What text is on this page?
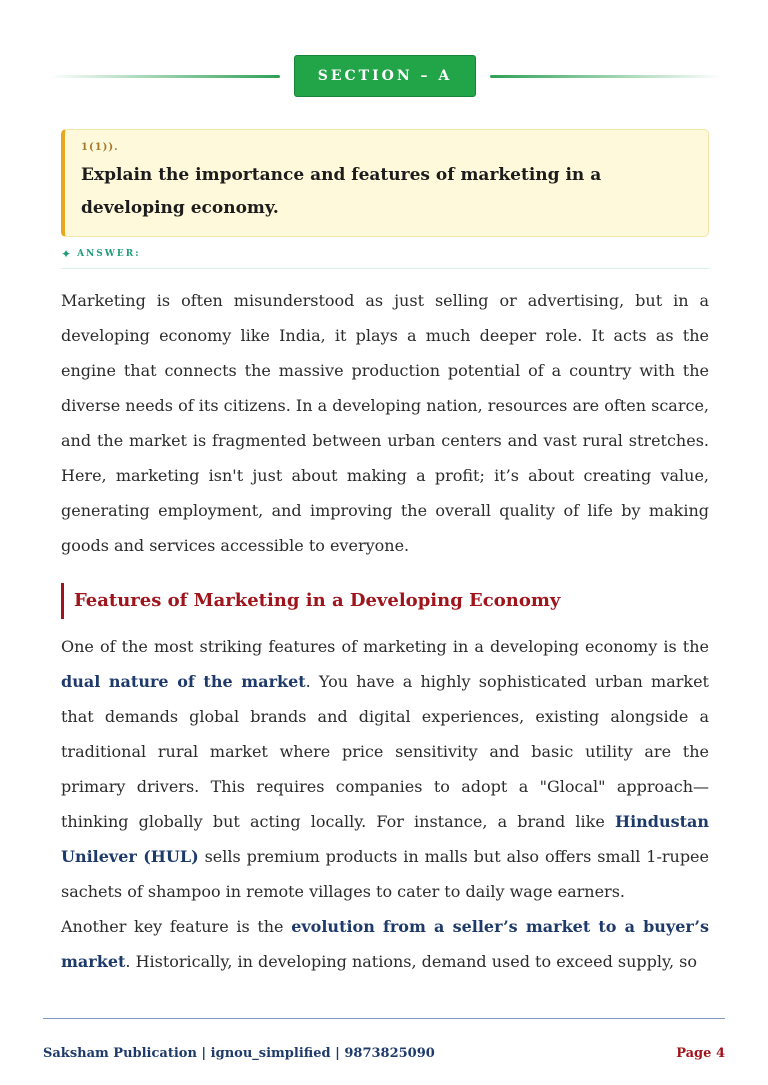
SECTION – A
1(1)).
Explain the importance and features of marketing in a developing economy.
✦ ANSWER:

Marketing is often misunderstood as just selling or advertising, but in a developing economy like India, it plays a much deeper role. It acts as the engine that connects the massive production potential of a country with the diverse needs of its citizens. In a developing nation, resources are often scarce, and the market is fragmented between urban centers and vast rural stretches. Here, marketing isn't just about making a profit; it’s about creating value, generating employment, and improving the overall quality of life by making goods and services accessible to everyone.

Features of Marketing in a Developing Economy

One of the most striking features of marketing in a developing economy is the dual nature of the market. You have a highly sophisticated urban market that demands global brands and digital experiences, existing alongside a traditional rural market where price sensitivity and basic utility are the primary drivers. This requires companies to adopt a "Glocal" approach—thinking globally but acting locally. For instance, a brand like Hindustan Unilever (HUL) sells premium products in malls but also offers small 1-rupee sachets of shampoo in remote villages to cater to daily wage earners.

Another key feature is the evolution from a seller’s market to a buyer’s market. Historically, in developing nations, demand used to exceed supply, so

Saksham Publication | ignou_simplified | 9873825090	Page 4
